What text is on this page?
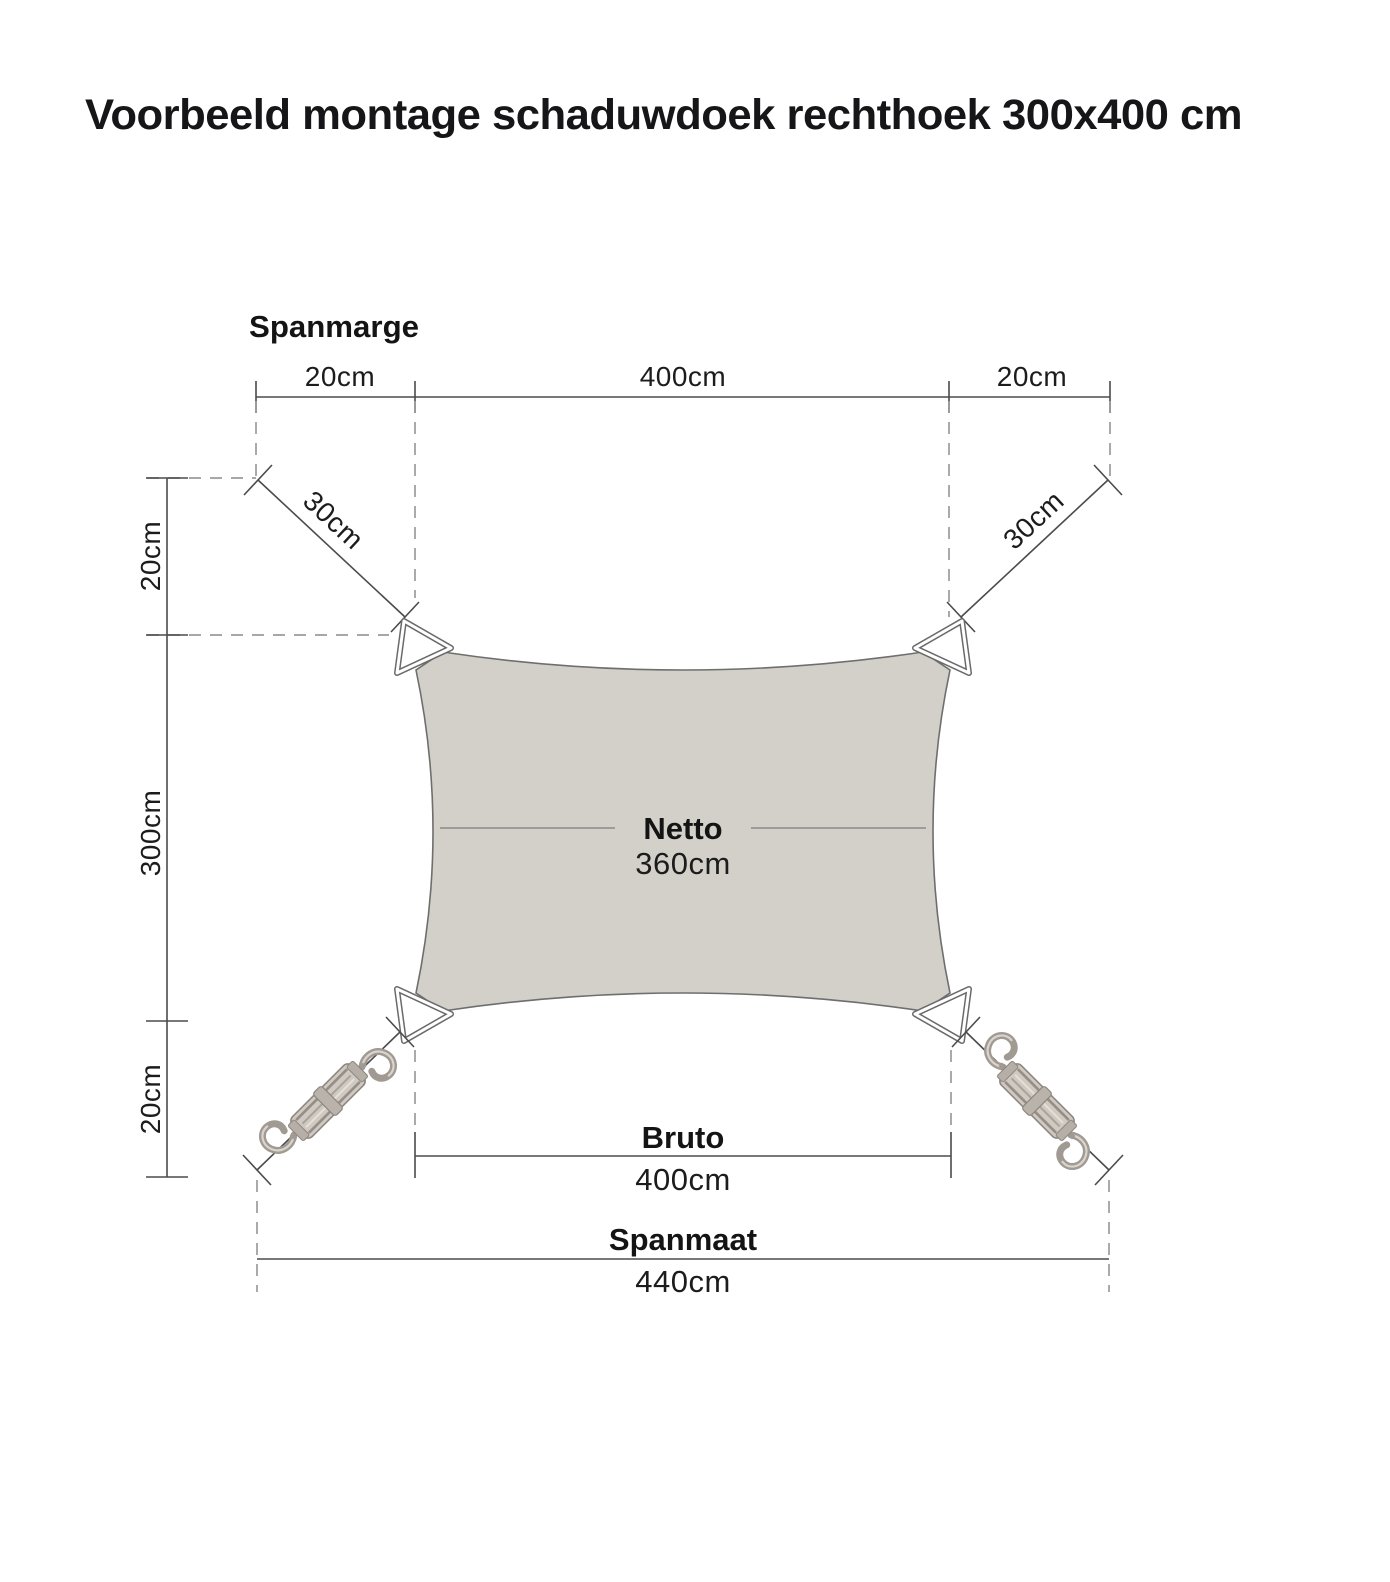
Voorbeeld montage schaduwdoek rechthoek 300x400 cm
Spanmarge
20cm	400cm	20cm
20cm
300cm
20cm
30cm	30cm
Netto
360cm
Bruto
400cm
Spanmaat
440cm
